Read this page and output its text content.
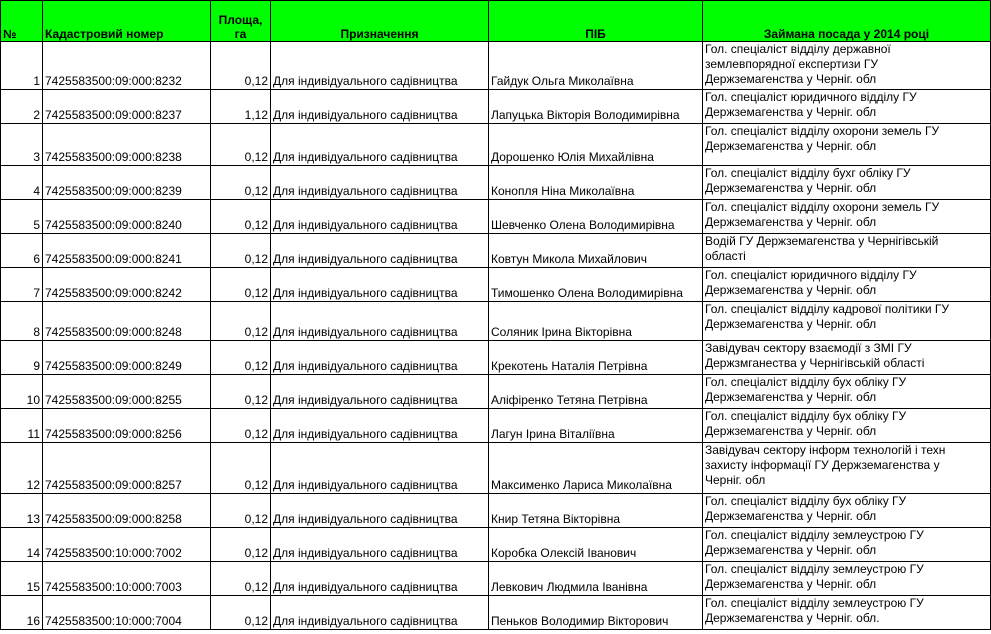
№	Кадастровий номер	Площа, га	Призначення	ПІБ	Займана посада у 2014 році
1	7425583500:09:000:8232	0,12	Для індивідуального садівництва	Гайдук Ольга Миколаївна	Гол. спеціаліст відділу державної
землевпорядної експертизи ГУ
Держземагенства у Черніг. обл

2	7425583500:09:000:8237	1,12	Для індивідуального садівництва	Лапуцька Вікторія Володимирівна	Гол. спеціаліст юридичного відділу ГУ
Держземагенства у Черніг. обл

3	7425583500:09:000:8238	0,12	Для індивідуального садівництва	Дорошенко Юлія Михайлівна	Гол. спеціаліст відділу охорони земель ГУ
Держземагенства у Черніг. обл

4	7425583500:09:000:8239	0,12	Для індивідуального садівництва	Конопля Ніна Миколаївна	Гол. спеціаліст відділу бухг обліку ГУ
Держземагенства у Черніг. обл

5	7425583500:09:000:8240	0,12	Для індивідуального садівництва	Шевченко Олена Володимирівна	Гол. спеціаліст відділу охорони земель ГУ
Держземагенства у Черніг. обл

6	7425583500:09:000:8241	0,12	Для індивідуального садівництва	Ковтун Микола Михайлович	Водій ГУ Держземагенства у Чернігівській
області

7	7425583500:09:000:8242	0,12	Для індивідуального садівництва	Тимошенко Олена Володимирівна	Гол. спеціаліст юридичного відділу ГУ
Держземагенства у Черніг. обл

8	7425583500:09:000:8248	0,12	Для індивідуального садівництва	Соляник Ірина Вікторівна	Гол. спеціаліст відділу кадрової політики ГУ
Держземагенства у Черніг. обл

9	7425583500:09:000:8249	0,12	Для індивідуального садівництва	Крекотень Наталія Петрівна	Завідувач сектору взаємодії з ЗМІ ГУ
Держзмганества у Чернігівській області

10	7425583500:09:000:8255	0,12	Для індивідуального садівництва	Аліфіренко Тетяна Петрівна	Гол. спеціаліст відділу бух обліку ГУ
Держземагенства у Черніг. обл

11	7425583500:09:000:8256	0,12	Для індивідуального садівництва	Лагун Ірина Віталіївна	Гол. спеціаліст відділу бух обліку ГУ
Держземагенства у Черніг. обл

12	7425583500:09:000:8257	0,12	Для індивідуального садівництва	Максименко Лариса Миколаївна	Завідувач сектору інформ технологій і техн
захисту інформації ГУ Держземагенства у
Черніг. обл

13	7425583500:09:000:8258	0,12	Для індивідуального садівництва	Книр Тетяна Вікторівна	Гол. спеціаліст відділу бух обліку ГУ
Держземагенства у Черніг. обл

14	7425583500:10:000:7002	0,12	Для індивідуального садівництва	Коробка Олексій Іванович	Гол. спеціаліст відділу землеустрою ГУ
Держземагенства у Черніг. обл

15	7425583500:10:000:7003	0,12	Для індивідуального садівництва	Левкович Людмила Іванівна	Гол. спеціаліст відділу землеустрою ГУ
Держземагенства у Черніг. обл

16	7425583500:10:000:7004	0,12	Для індивідуального садівництва	Пеньков Володимир Вікторович	Гол. спеціаліст відділу землеустрою ГУ
Держземагенства у Черніг. обл.
